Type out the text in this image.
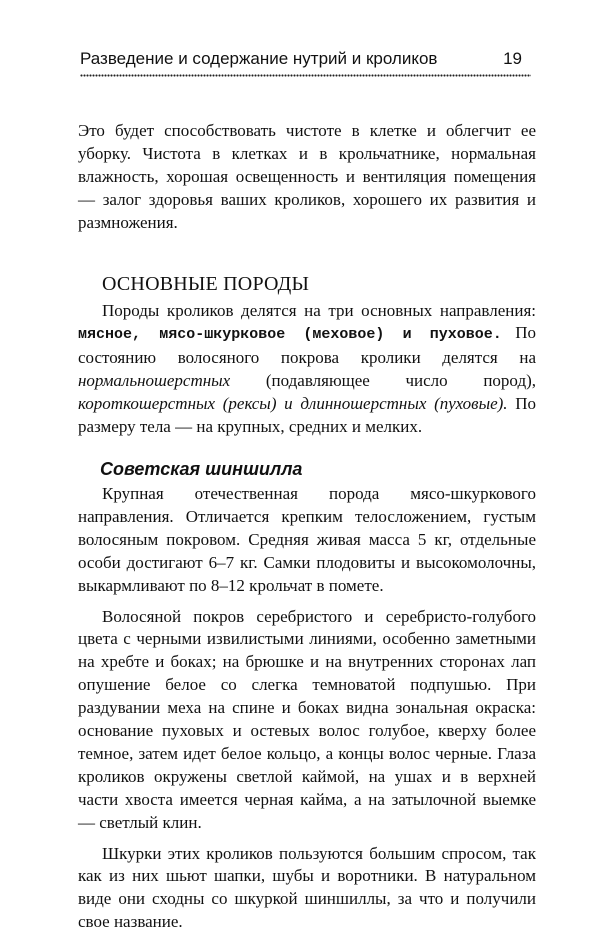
Разведение и содержание нутрий и кроликов	19

Это будет способствовать чистоте в клетке и облегчит ее уборку. Чистота в клетках и в крольчатнике, нормальная влажность, хорошая освещенность и вентиляция помещения — залог здоровья ваших кроликов, хорошего их развития и размножения.

ОСНОВНЫЕ ПОРОДЫ

Породы кроликов делятся на три основных направления: мясное, мясо-шкурковое (меховое) и пуховое. По состоянию волосяного покрова кролики делятся на нормальношерстных (подавляющее число пород), короткошерстных (рексы) и длинношерстных (пуховые). По размеру тела — на крупных, средних и мелких.

Советская шиншилла

Крупная отечественная порода мясо-шкуркового направления. Отличается крепким телосложением, густым волосяным покровом. Средняя живая масса 5 кг, отдельные особи достигают 6–7 кг. Самки плодовиты и высокомолочны, выкармливают по 8–12 крольчат в помете.

Волосяной покров серебристого и серебристо-голубого цвета с черными извилистыми линиями, особенно заметными на хребте и боках; на брюшке и на внутренних сторонах лап опушение белое со слегка темноватой подпушью. При раздувании меха на спине и боках видна зональная окраска: основание пуховых и остевых волос голубое, кверху более темное, затем идет белое кольцо, а концы волос черные. Глаза кроликов окружены светлой каймой, на ушах и в верхней части хвоста имеется черная кайма, а на затылочной выемке — светлый клин.

Шкурки этих кроликов пользуются большим спросом, так как из них шьют шапки, шубы и воротники. В натуральном виде они сходны со шкуркой шиншиллы, за что и получили свое название.
